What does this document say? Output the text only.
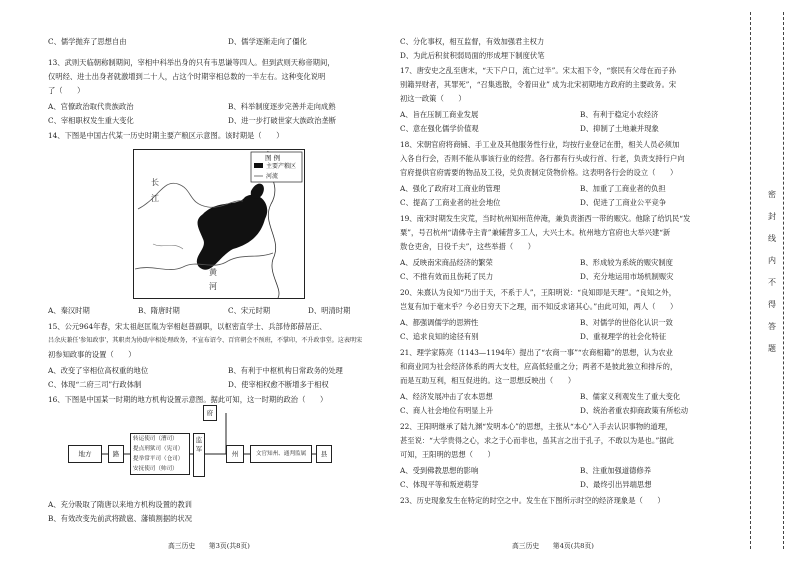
C、儒学抛弃了思想自由	D、儒学逐渐走向了僵化
13、武则天临朝称制期间，宰相中科举出身的只有韦思谦等四人。但到武则天称帝期间，
仅明经、进士出身者就激增到二十人，占这个时期宰相总数的一半左右。这种变化说明
了（　　）
A、官僚政治取代贵族政治	B、科举制度逐步完善并走向成熟
C、宰相职权发生重大变化	D、进一步打破世家大族政治垄断
14、下图是中国古代某一历史时期主要产粮区示意图。该时期是（　　）
A、秦汉时期	B、隋唐时期	C、宋元时期	D、明清时期
15、公元964年春，宋太祖赵匡胤为宰相赵普副职，以枢密直学士、兵部侍郎薛居正、
吕余庆兼任'参知政事'，其职责为协助宰相处理政务，不宣布诏令、百官朝会不预班，不掌印，不升政事堂。这表明宋
初参知政事的设置（　　）
A、改变了宰相位高权重的地位	B、有利于中枢机构日常政务的处理
C、体现“二府三司”行政体制	D、使宰相权愈不断增多于相权
16、下图是中国某一时期的地方机构设置示意图。据此可知，这一时期的政治（　　）
A、充分吸取了隋唐以来地方机构设置的教训
B、有效改变先前武将跋扈、藩镇割据的状况
C、分化事权，相互监督，有效加强君主权力
D、为此后积贫积弱局面的形成埋下制度伏笔
17、唐安史之乱至唐末，“天下户口，流亡过半”。宋太祖下令，“察民有父母在而子孙
别籍异财者，其罪死”，“召集逃散，令着田业” 成为北宋初期地方政府的主要政务。宋
初这一政策（　　）
A、旨在压制工商业发展	B、有利于稳定小农经济
C、意在强化儒学价值观	D、抑制了土地兼并现象
18、宋朝官府将商铺、手工业及其他服务性行业，均按行业登记在册，相关人员必须加
入各自行会，否则不能从事该行业的经营。各行都有行头或行首、行老，负责支持行户向
官府提供官府需要的物品及工役，兑负责制定货物价格。这表明各行会的设立（　　）
A、强化了政府对工商业的管理	B、加重了工商业者的负担
C、提高了工商业者的社会地位	D、促进了工商业公平竞争
19、南宋时期发生灾荒，当时杭州知州范仲淹，兼负责浙西一带的赈灾。他除了给饥民“发
粟”，号召杭州“请佛寺主青”兼辅营多工人，大兴土木。杭州地方官府也大举兴建“新
敖仓吏舍，日役千夫”，这些举措（　　）
A、反映南宋商品经济的繁荣	B、形成较为系统的赈灾制度
C、不推有效而且伤耗了民力	D、充分地运用市场机制赈灾
20、朱熹认为良知“乃出于天，不系于人”，王阳明说：“良知即是天理”。“良知之外，
岂复有加于毫末乎？今必日穷天下之理，而不知反求诸其心。”由此可知，两人（　　）
A、都强调儒学的思辨性	B、对儒学的世俗化认识一致
C、追求良知的途径有别	D、重视理学的社会化特征
21、理学家陈亮（1143—1194年）提出了“农商一事”“农商相籍”的思想，认为农业
和商业同为社会经济体系的两大支柱，应高低轻重之分；两者不是彼此独立和排斥的，
而是互助互利，相互促进的。这一思想反映出（　　）
A、经济发展冲击了农本思想	B、儒家义利观发生了重大变化
C、商人社会地位有明显上升	D、统治者重农抑商政策有所松动
22、王阳明继承了陆九渊“发明本心”的思想，主张从“本心”入手去认识事物的道理，
甚至说：“大学贵得之心，求之于心而非也，虽其言之出于孔子，不敢以为是也。”据此
可知，王阳明的思想（　　）
A、受到佛教思想的影响	B、注重加强道德修养
C、体现平等和叛逆萌芽	D、最终引出异端思想
23、历史现象发生在特定的时空之中。发生在下图所示时空的经济现象是（　　）
长
江
黄
河
图 例
主要产粮区
河流
地方	路
转运使司（漕司）
提点刑狱司（宪司）
提举常平司（仓司）
安抚使司（帅司）
府
监
军
州	文官知州、通判监属	县
高三历史　　第3页(共8页)	高三历史　　第4页(共8页)
密
封
线
内
不
得
答
题
